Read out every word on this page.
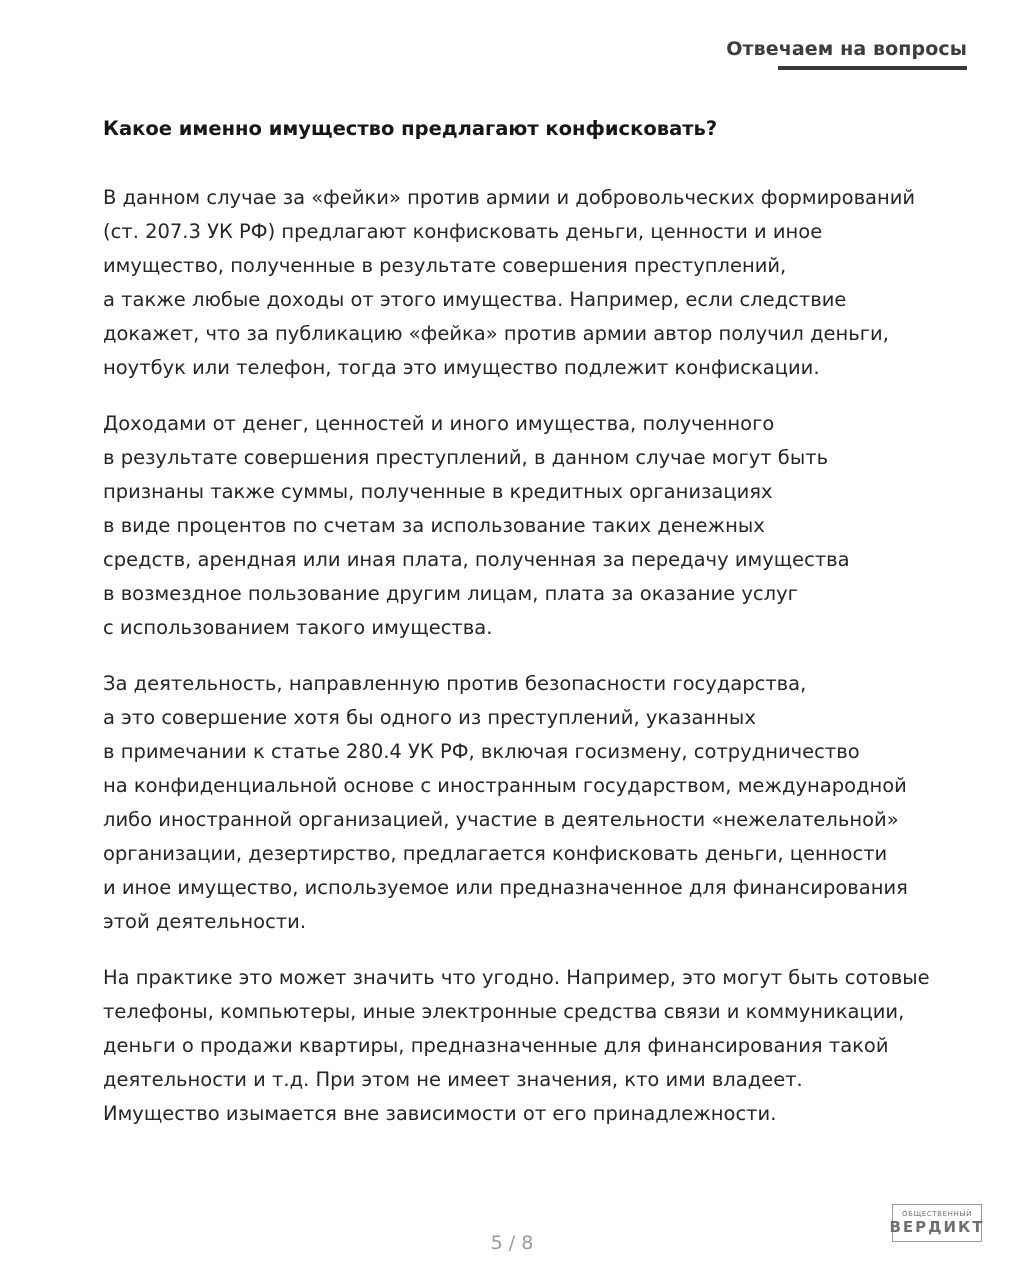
Отвечаем на вопросы
Какое именно имущество предлагают конфисковать?

В данном случае за «фейки» против армии и добровольческих формирований
(ст. 207.3 УК РФ) предлагают конфисковать деньги, ценности и иное
имущество, полученные в результате совершения преступлений,
а также любые доходы от этого имущества. Например, если следствие
докажет, что за публикацию «фейка» против армии автор получил деньги,
ноутбук или телефон, тогда это имущество подлежит конфискации.

Доходами от денег, ценностей и иного имущества, полученного
в результате совершения преступлений, в данном случае могут быть
признаны также суммы, полученные в кредитных организациях
в виде процентов по счетам за использование таких денежных
средств, арендная или иная плата, полученная за передачу имущества
в возмездное пользование другим лицам, плата за оказание услуг
с использованием такого имущества.

За деятельность, направленную против безопасности государства,
а это совершение хотя бы одного из преступлений, указанных
в примечании к статье 280.4 УК РФ, включая госизмену, сотрудничество
на конфиденциальной основе с иностранным государством, международной
либо иностранной организацией, участие в деятельности «нежелательной»
организации, дезертирство, предлагается конфисковать деньги, ценности
и иное имущество, используемое или предназначенное для финансирования
этой деятельности.

На практике это может значить что угодно. Например, это могут быть сотовые
телефоны, компьютеры, иные электронные средства связи и коммуникации,
деньги о продажи квартиры, предназначенные для финансирования такой
деятельности и т.д. При этом не имеет значения, кто ими владеет.
Имущество изымается вне зависимости от его принадлежности.

5 / 8
ОБЩЕСТВЕННЫЙ
ВЕРДИКТ
